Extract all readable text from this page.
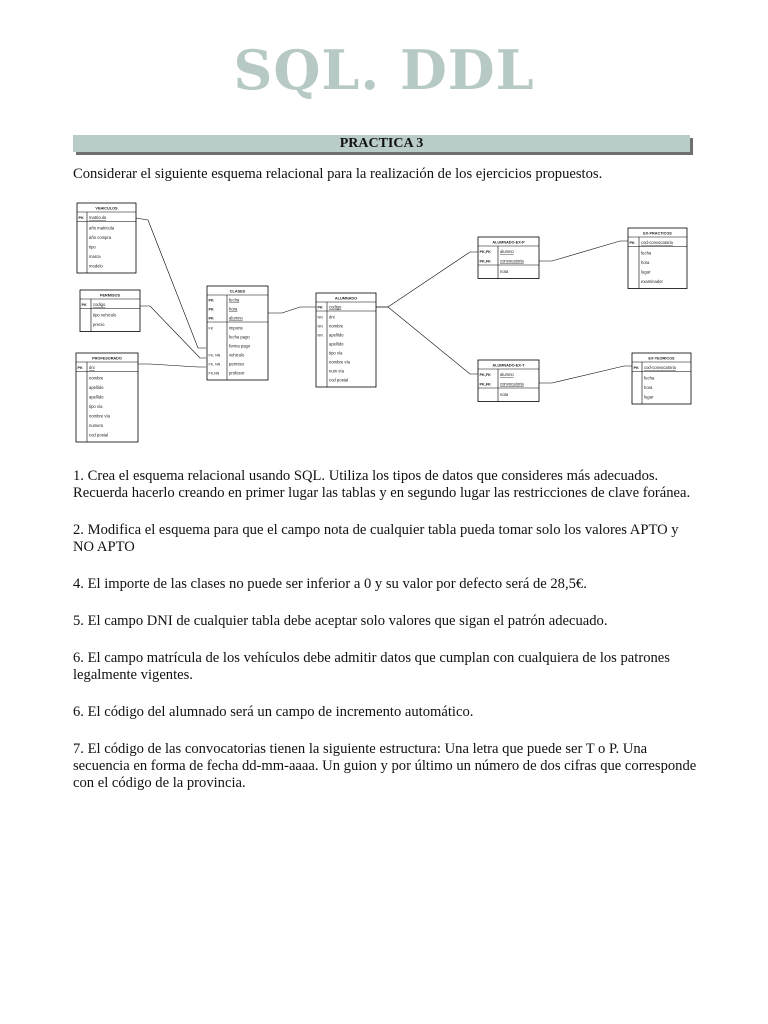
SQL. DDL
PRACTICA 3
Considerar el siguiente esquema relacional para la realización de los ejercicios propuestos.
VEHICULOS
PK matricula
año matricula
año compra
tipo
marca
modelo
PERMISOS
PK codigo
tipo vehiculo
precio
PROFESORADO
PK dni
nombre
apellido
apellido
tipo vía
nombre vía
numero
cod postal
CLASES
PK	fecha
PK	hora
PK	alumno
FK	importe
fecha pago
forma pago
FK, NN vehiculo
FK, NN permiso
FK,NN profesor
ALUMNADO
PK codigo
NN dni
NN nombre
NN apellido
apellido
tipo vía
nombre vía
num vía
cod postal
ALUMNADO-EX-P
PK,FK alumno
PK,FK convocatoria
nota
ALUMNADO-EX-T
PK,FK alumno
PK,FK convocatoria
nota
EX-PRACTICOS
PK cod-convocatoria
fecha
hora
lugar
examinador
EX-TEORICOS
PK cod-convocatoria
fecha
hora
lugar

1. Crea el esquema relacional usando SQL. Utiliza los tipos de datos que consideres más adecuados. Recuerda hacerlo creando en primer lugar las tablas y en segundo lugar las restricciones de clave foránea.

2. Modifica el esquema para que el campo nota de cualquier tabla pueda tomar solo los valores APTO y NO APTO

4. El importe de las clases no puede ser inferior a 0 y su valor por defecto será de 28,5€.

5. El campo DNI de cualquier tabla debe aceptar solo valores que sigan el patrón adecuado.

6. El campo matrícula de los vehículos debe admitir datos que cumplan con cualquiera de los patrones legalmente vigentes.

6. El código del alumnado será un campo de incremento automático.

7. El código de las convocatorias tienen la siguiente estructura: Una letra que puede ser T o P. Una secuencia en forma de fecha dd-mm-aaaa. Un guion y por último un número de dos cifras que corresponde con el código de la provincia.
